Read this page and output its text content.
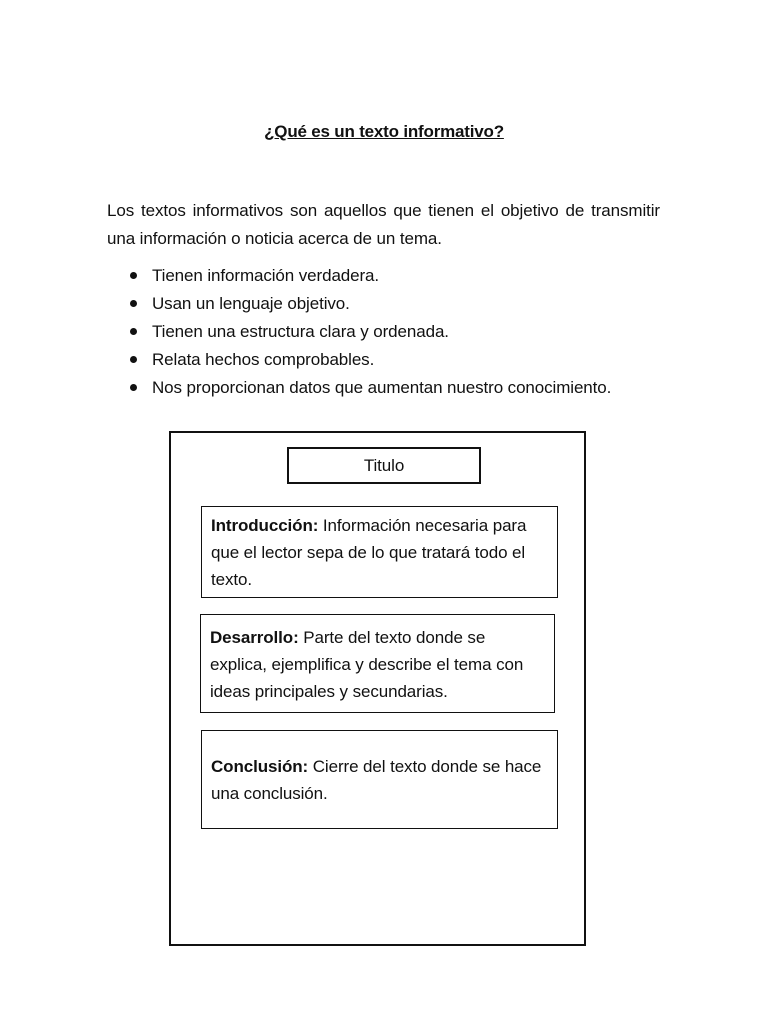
¿Qué es un texto informativo?

Los textos informativos son aquellos que tienen el objetivo de transmitir una información o noticia acerca de un tema.

Tienen información verdadera.
Usan un lenguaje objetivo.
Tienen una estructura clara y ordenada.
Relata hechos comprobables.
Nos proporcionan datos que aumentan nuestro conocimiento.
Titulo
Introducción: Información necesaria para que el lector sepa de lo que tratará todo el texto.
Desarrollo: Parte del texto donde se explica, ejemplifica y describe el tema con ideas principales y secundarias.
Conclusión: Cierre del texto donde se hace una conclusión.
